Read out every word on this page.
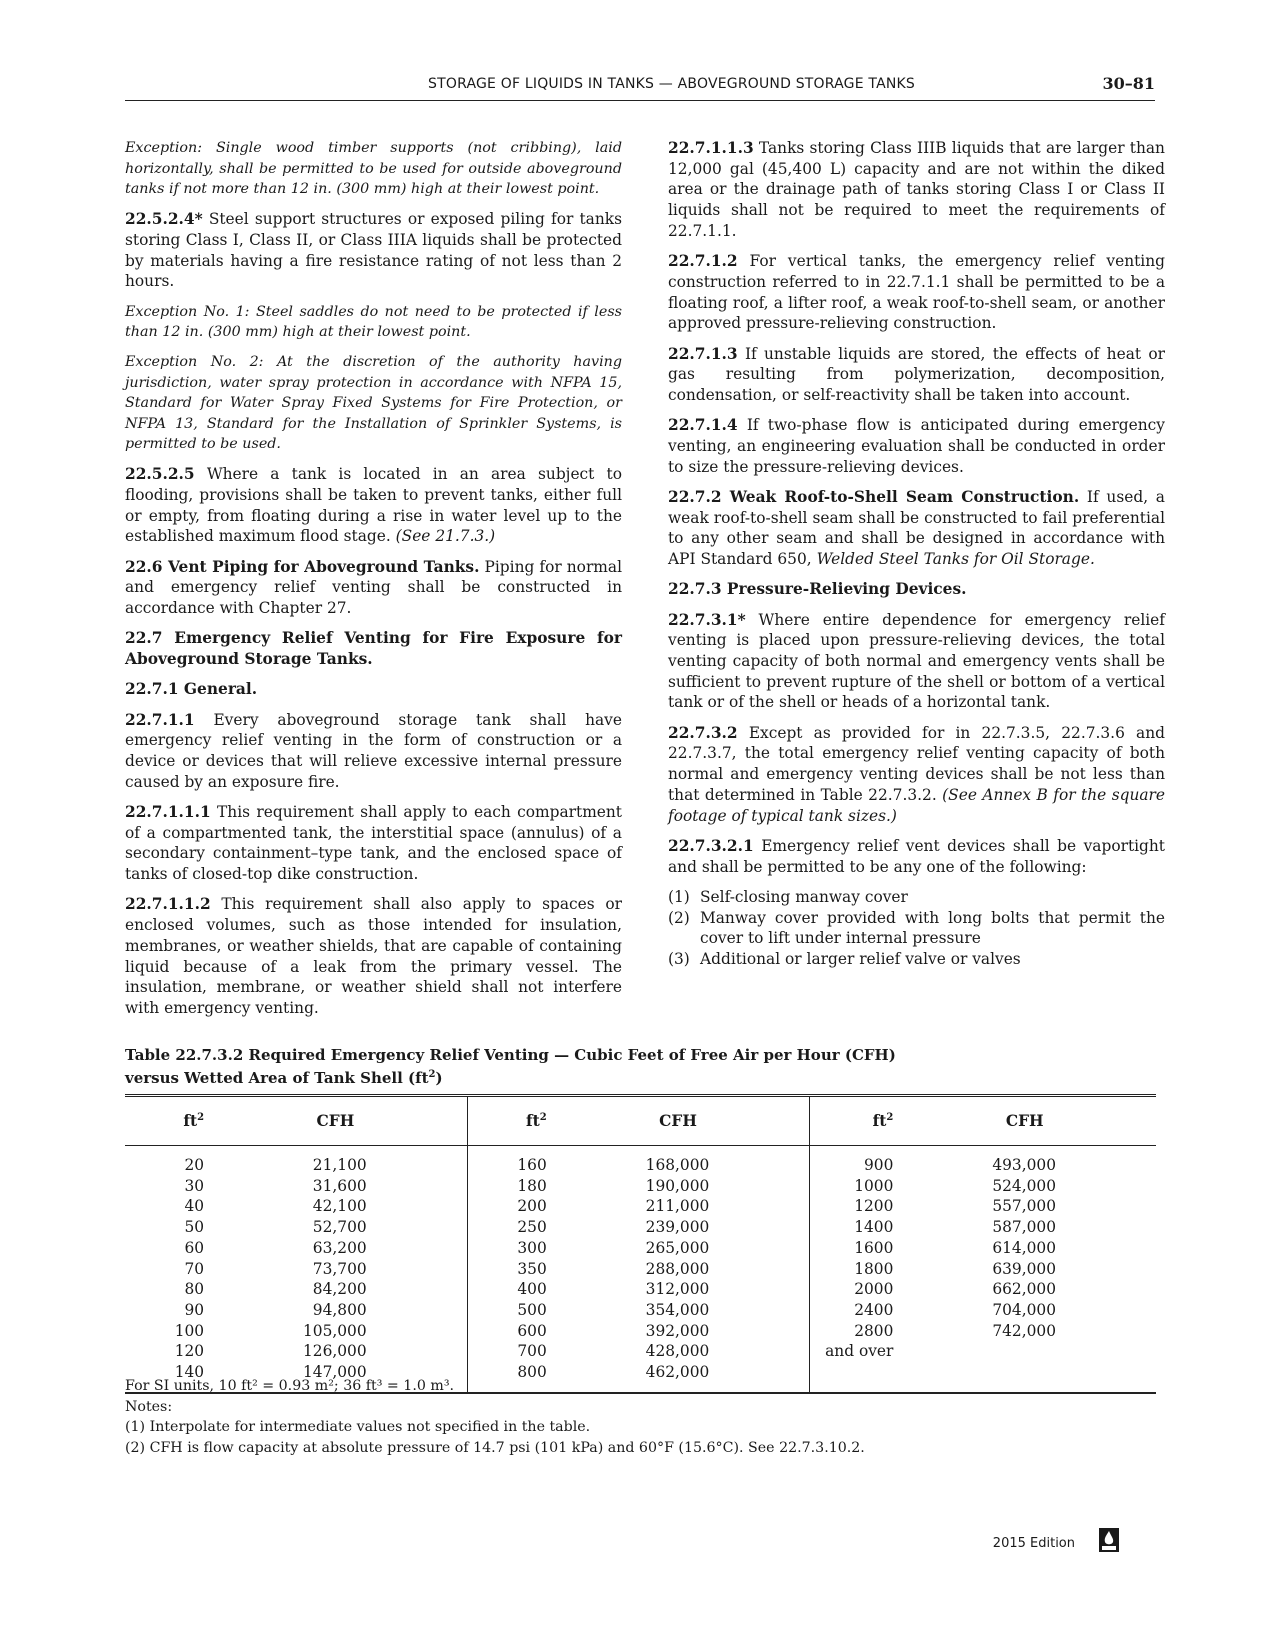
STORAGE OF LIQUIDS IN TANKS — ABOVEGROUND STORAGE TANKS	30–81

Exception: Single wood timber supports (not cribbing), laid horizontally, shall be permitted to be used for outside aboveground tanks if not more than 12 in. (300 mm) high at their lowest point.

22.5.2.4* Steel support structures or exposed piling for tanks storing Class I, Class II, or Class IIIA liquids shall be protected by materials having a fire resistance rating of not less than 2 hours.

Exception No. 1: Steel saddles do not need to be protected if less than 12 in. (300 mm) high at their lowest point.

Exception No. 2: At the discretion of the authority having jurisdiction, water spray protection in accordance with NFPA 15, Standard for Water Spray Fixed Systems for Fire Protection, or NFPA 13, Standard for the Installation of Sprinkler Systems, is permitted to be used.

22.5.2.5 Where a tank is located in an area subject to flooding, provisions shall be taken to prevent tanks, either full or empty, from floating during a rise in water level up to the established maximum flood stage. (See 21.7.3.)

22.6 Vent Piping for Aboveground Tanks. Piping for normal and emergency relief venting shall be constructed in accordance with Chapter 27.

22.7 Emergency Relief Venting for Fire Exposure for Aboveground Storage Tanks.

22.7.1 General.

22.7.1.1 Every aboveground storage tank shall have emergency relief venting in the form of construction or a device or devices that will relieve excessive internal pressure caused by an exposure fire.

22.7.1.1.1 This requirement shall apply to each compartment of a compartmented tank, the interstitial space (annulus) of a secondary containment–type tank, and the enclosed space of tanks of closed-top dike construction.

22.7.1.1.2 This requirement shall also apply to spaces or enclosed volumes, such as those intended for insulation, membranes, or weather shields, that are capable of containing liquid because of a leak from the primary vessel. The insulation, membrane, or weather shield shall not interfere with emergency venting.

22.7.1.1.3 Tanks storing Class IIIB liquids that are larger than 12,000 gal (45,400 L) capacity and are not within the diked area or the drainage path of tanks storing Class I or Class II liquids shall not be required to meet the requirements of 22.7.1.1.

22.7.1.2 For vertical tanks, the emergency relief venting construction referred to in 22.7.1.1 shall be permitted to be a floating roof, a lifter roof, a weak roof-to-shell seam, or another approved pressure-relieving construction.

22.7.1.3 If unstable liquids are stored, the effects of heat or gas resulting from polymerization, decomposition, condensation, or self-reactivity shall be taken into account.

22.7.1.4 If two-phase flow is anticipated during emergency venting, an engineering evaluation shall be conducted in order to size the pressure-relieving devices.

22.7.2 Weak Roof-to-Shell Seam Construction. If used, a weak roof-to-shell seam shall be constructed to fail preferential to any other seam and shall be designed in accordance with API Standard 650, Welded Steel Tanks for Oil Storage.

22.7.3 Pressure-Relieving Devices.

22.7.3.1* Where entire dependence for emergency relief venting is placed upon pressure-relieving devices, the total venting capacity of both normal and emergency vents shall be sufficient to prevent rupture of the shell or bottom of a vertical tank or of the shell or heads of a horizontal tank.

22.7.3.2 Except as provided for in 22.7.3.5, 22.7.3.6 and 22.7.3.7, the total emergency relief venting capacity of both normal and emergency venting devices shall be not less than that determined in Table 22.7.3.2. (See Annex B for the square footage of typical tank sizes.)

22.7.3.2.1 Emergency relief vent devices shall be vaportight and shall be permitted to be any one of the following:

(1) Self-closing manway cover
(2) Manway cover provided with long bolts that permit the cover to lift under internal pressure
(3) Additional or larger relief valve or valves
Table 22.7.3.2 Required Emergency Relief Venting — Cubic Feet of Free Air per Hour (CFH)
versus Wetted Area of Tank Shell $(ft^2)$
$ft^2$	CFH	$ft^2$	CFH	$ft^2$	CFH
20	21,100	160	168,000	900	493,000
30	31,600	180	190,000	1000	524,000
40	42,100	200	211,000	1200	557,000
50	52,700	250	239,000	1400	587,000
60	63,200	300	265,000	1600	614,000
70	73,700	350	288,000	1800	639,000
80	84,200	400	312,000	2000	662,000
90	94,800	500	354,000	2400	704,000
100	105,000	600	392,000	2800	742,000
120	126,000	700	428,000	and over	
140	147,000	800	462,000		
For SI units, 10 ft² = 0.93 m²; 36 ft³ = 1.0 m³.
Notes:
(1) Interpolate for intermediate values not specified in the table.
(2) CFH is flow capacity at absolute pressure of 14.7 psi (101 kPa) and 60°F (15.6°C). See 22.7.3.10.2.
2015 Edition
